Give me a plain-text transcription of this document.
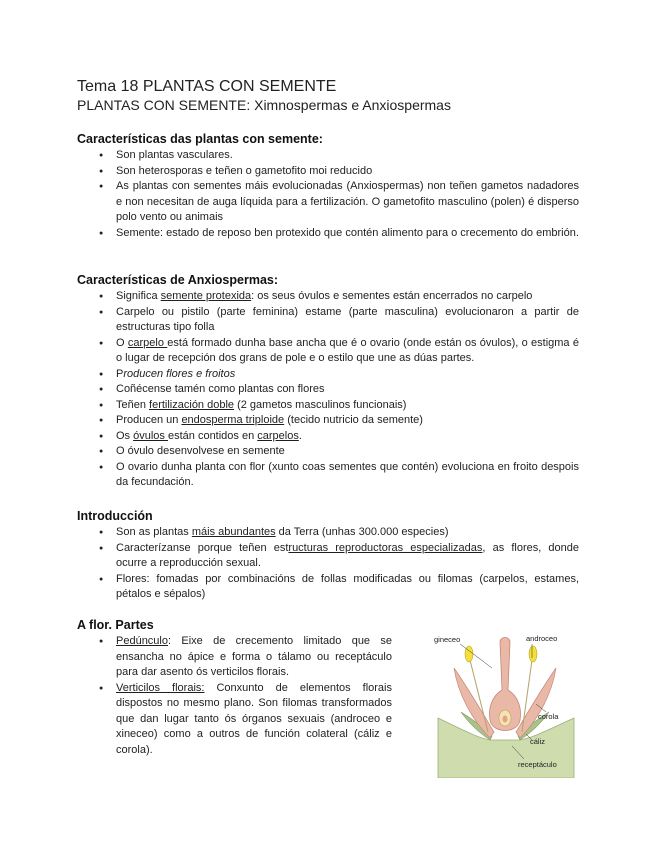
Tema 18 PLANTAS CON SEMENTE
PLANTAS CON SEMENTE: Ximnospermas e Anxiospermas
Características das plantas con semente:
● Son plantas vasculares.
● Son heterosporas e teñen o gametofito moi reducido
● As plantas con sementes máis evolucionadas (Anxiospermas) non teñen gametos nadadores e non necesitan de auga líquida para a fertilización. O gametofito masculino (polen) é disperso polo vento ou animais
● Semente: estado de reposo ben protexido que contén alimento para o crecemento do embrión.
Características de Anxiospermas:
● Significa semente protexida: os seus óvulos e sementes están encerrados no carpelo
● Carpelo ou pistilo (parte feminina) estame (parte masculina) evolucionaron a partir de estructuras tipo folla
● O carpelo está formado dunha base ancha que é o ovario (onde están os óvulos), o estigma é o lugar de recepción dos grans de pole e o estilo que une as dúas partes.
● Producen flores e froitos
● Coñécense tamén como plantas con flores
● Teñen fertilización doble (2 gametos masculinos funcionais)
● Producen un endosperma triploide (tecido nutricio da semente)
● Os óvulos están contidos en carpelos.
● O óvulo desenvolvese en semente
● O ovario dunha planta con flor (xunto coas sementes que contén) evoluciona en froito despois da fecundación.
Introducción
● Son as plantas máis abundantes da Terra (unhas 300.000 especies)
● Caracterízanse porque teñen estructuras reproductoras especializadas, as flores, donde ocurre a reproducción sexual.
● Flores: fomadas por combinacións de follas modificadas ou filomas (carpelos, estames, pétalos e sépalos)
A flor. Partes
● Pedúnculo: Eixe de crecemento limitado que se ensancha no ápice e forma o tálamo ou receptáculo para dar asento ós verticilos florais.
● Verticilos florais: Conxunto de elementos florais dispostos no mesmo plano. Son filomas transformados que dan lugar tanto ós órganos sexuais (androceo e xineceo) como a outros de función colateral (cáliz e corola).
gineceo	androceo
corola
cáliz
receptáculo
